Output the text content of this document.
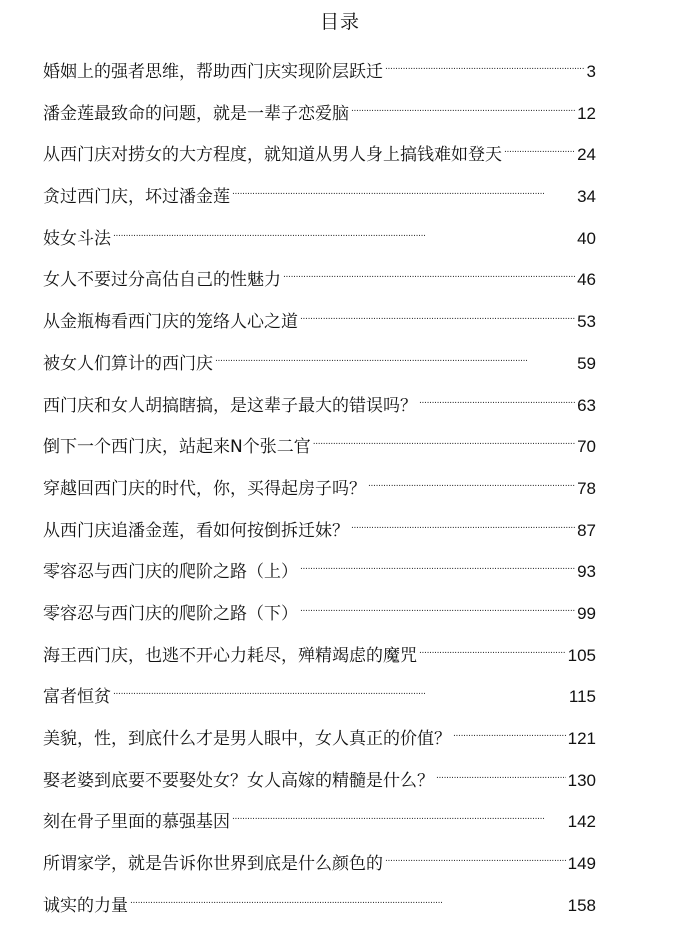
目录
婚姻上的强者思维，帮助西门庆实现阶层跃迁 . . .	3
潘金莲最致命的问题，就是一辈子恋爱脑 . . .	12
从西门庆对捞女的大方程度，就知道从男人身上搞钱难如登天 . . .	24
贪过西门庆，坏过潘金莲 . . .	34
妓女斗法 . . .	40
女人不要过分高估自己的性魅力 . . .	46
从金瓶梅看西门庆的笼络人心之道 . . .	53
被女人们算计的西门庆 . . .	59
西门庆和女人胡搞瞎搞，是这辈子最大的错误吗？ . . .	63
倒下一个西门庆，站起来N个张二官 . . .	70
穿越回西门庆的时代，你，买得起房子吗？ . . .	78
从西门庆追潘金莲，看如何按倒拆迁妹？ . . .	87
零容忍与西门庆的爬阶之路（上） . . .	93
零容忍与西门庆的爬阶之路（下） . . .	99
海王西门庆，也逃不开心力耗尽，殚精竭虑的魔咒 . . .	105
富者恒贫 . . .	115
美貌，性，到底什么才是男人眼中，女人真正的价值？ . . .	121
娶老婆到底要不要娶处女？女人高嫁的精髓是什么？ . . .	130
刻在骨子里面的慕强基因 . . .	142
所谓家学，就是告诉你世界到底是什么颜色的 . . .	149
诚实的力量 . . .	158
